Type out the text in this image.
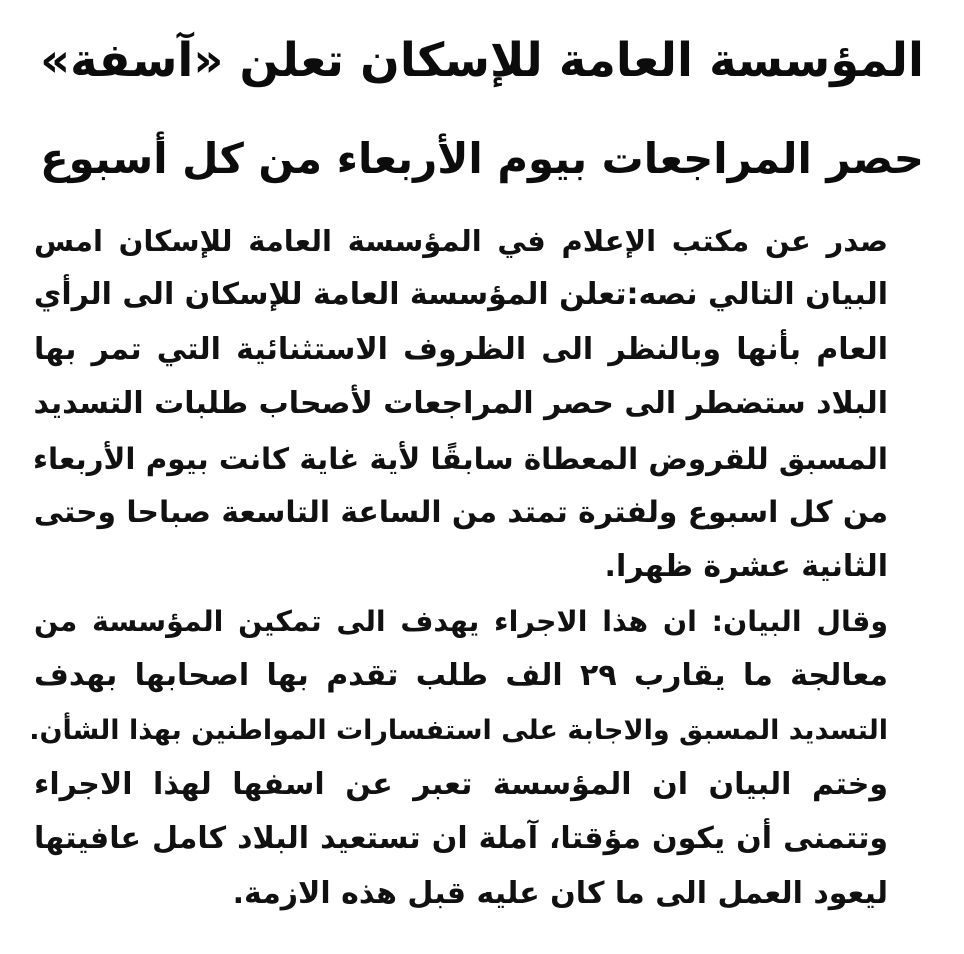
المؤسسة العامة للإسكان تعلن «آسفة»
حصر المراجعات بيوم الأربعاء من كل أسبوع
صدر عن مكتب الإعلام في المؤسسة العامة للإسكان امس
البيان التالي نصه:تعلن المؤسسة العامة للإسكان الى الرأي
العام بأنها وبالنظر الى الظروف الاستثنائية التي تمر بها
البلاد ستضطر الى حصر المراجعات لأصحاب طلبات التسديد
المسبق للقروض المعطاة سابقًا لأية غاية كانت بيوم الأربعاء
من كل اسبوع ولفترة تمتد من الساعة التاسعة صباحا وحتى
الثانية عشرة ظهرا.
وقال البيان: ان هذا الاجراء يهدف الى تمكين المؤسسة من
معالجة ما يقارب ٢٩ الف طلب تقدم بها اصحابها بهدف
التسديد المسبق والاجابة على استفسارات المواطنين بهذا الشأن.
وختم البيان ان المؤسسة تعبر عن اسفها لهذا الاجراء
وتتمنى أن يكون مؤقتا، آملة ان تستعيد البلاد كامل عافيتها
ليعود العمل الى ما كان عليه قبل هذه الازمة.
